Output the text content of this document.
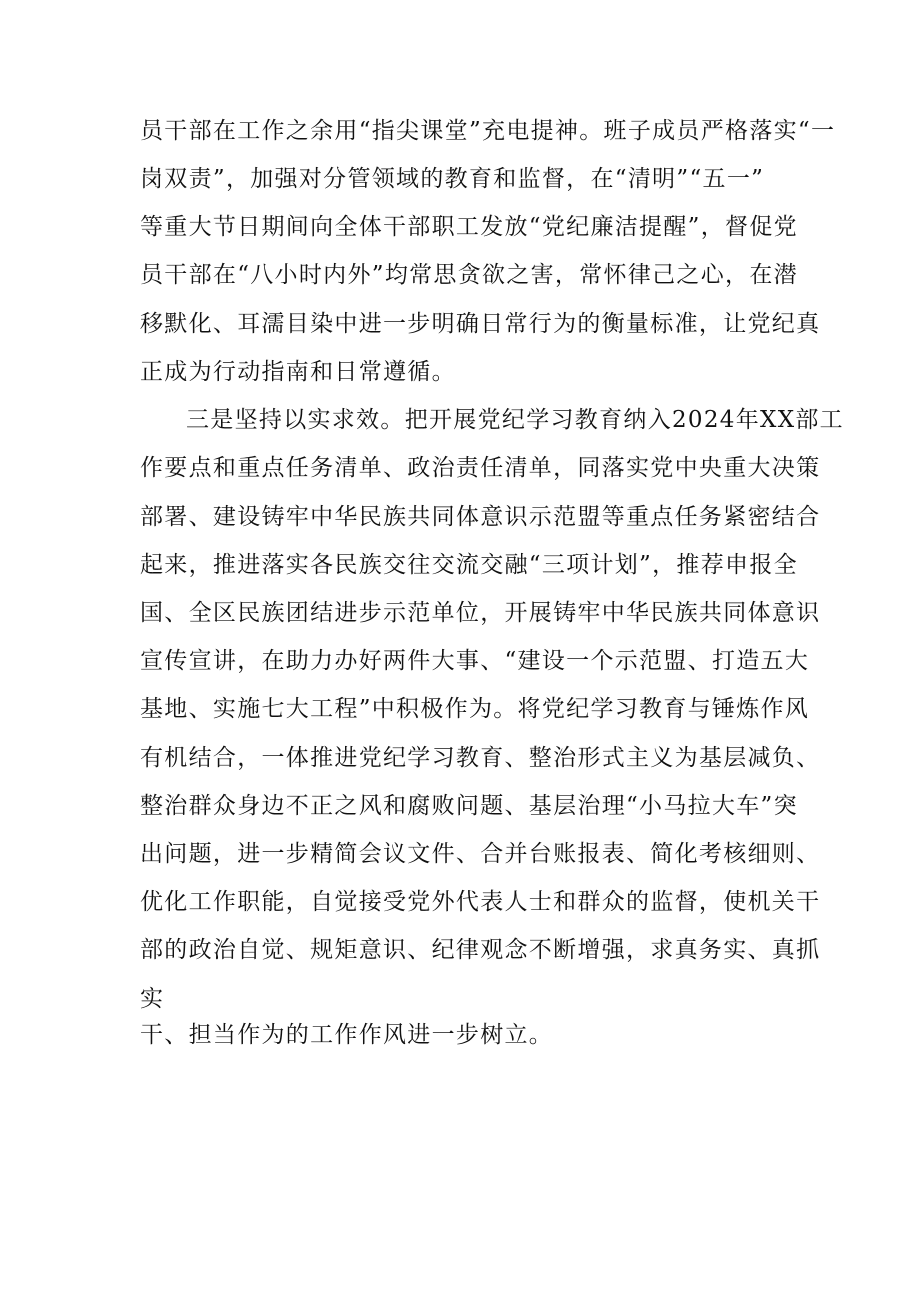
员干部在工作之余用“指尖课堂”充电提神。班子成员严格落实“一

岗双责”，加强对分管领域的教育和监督，在“清明”“五一”

等重大节日期间向全体干部职工发放“党纪廉洁提醒”，督促党

员干部在“八小时内外”均常思贪欲之害，常怀律己之心，在潜

移默化、耳濡目染中进一步明确日常行为的衡量标准，让党纪真

正成为行动指南和日常遵循。

三是坚持以实求效。把开展党纪学习教育纳入2024年XX部工

作要点和重点任务清单、政治责任清单，同落实党中央重大决策

部署、建设铸牢中华民族共同体意识示范盟等重点任务紧密结合

起来，推进落实各民族交往交流交融“三项计划”，推荐申报全

国、全区民族团结进步示范单位，开展铸牢中华民族共同体意识

宣传宣讲，在助力办好两件大事、“建设一个示范盟、打造五大

基地、实施七大工程”中积极作为。将党纪学习教育与锤炼作风

有机结合，一体推进党纪学习教育、整治形式主义为基层减负、

整治群众身边不正之风和腐败问题、基层治理“小马拉大车”突

出问题，进一步精简会议文件、合并台账报表、简化考核细则、

优化工作职能，自觉接受党外代表人士和群众的监督，使机关干

部的政治自觉、规矩意识、纪律观念不断增强，求真务实、真抓

实

干、担当作为的工作作风进一步树立。
